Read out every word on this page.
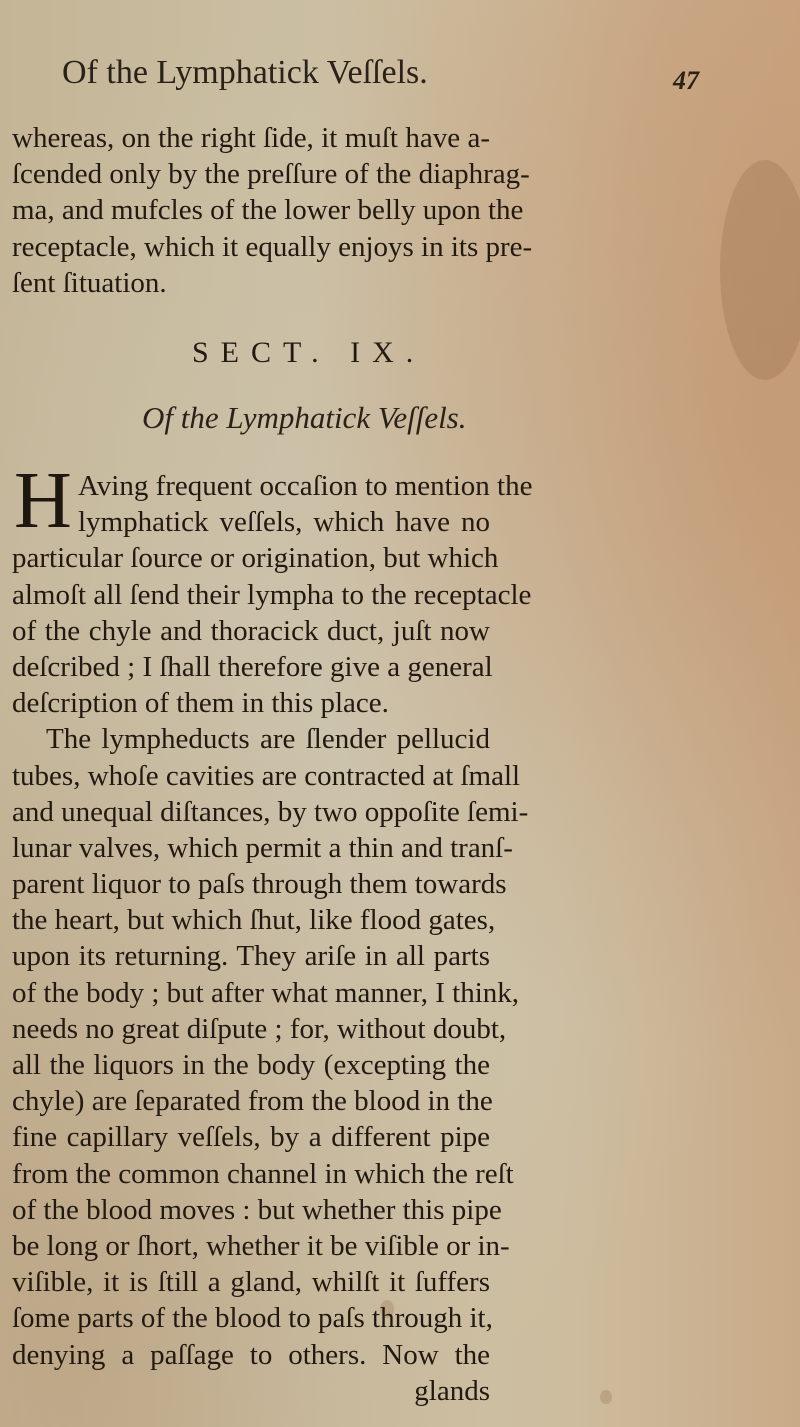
Of the Lymphatick Veſſels.	47
whereas, on the right ſide, it muſt have a-
ſcended only by the preſſure of the diaphrag-
ma, and mufcles of the lower belly upon the
receptacle, which it equally enjoys in its pre-
ſent ſituation.
SECT. IX.
Of the Lymphatick Veſſels.
H Aving frequent occaſion to mention the
lymphatick veſſels, which have no
particular ſource or origination, but which
almoſt all ſend their lympha to the receptacle
of the chyle and thoracick duct, juſt now
deſcribed ; I ſhall therefore give a general
deſcription of them in this place.
The lympheducts are ſlender pellucid
tubes, whoſe cavities are contracted at ſmall
and unequal diſtances, by two oppoſite ſemi-
lunar valves, which permit a thin and tranſ-
parent liquor to paſs through them towards
the heart, but which ſhut, like flood gates,
upon its returning. They ariſe in all parts
of the body ; but after what manner, I think,
needs no great diſpute ; for, without doubt,
all the liquors in the body (excepting the
chyle) are ſeparated from the blood in the
fine capillary veſſels, by a different pipe
from the common channel in which the reſt
of the blood moves : but whether this pipe
be long or ſhort, whether it be viſible or in-
viſible, it is ſtill a gland, whilſt it ſuffers
ſome parts of the blood to paſs through it,
denying a paſſage to others. Now the
glands
